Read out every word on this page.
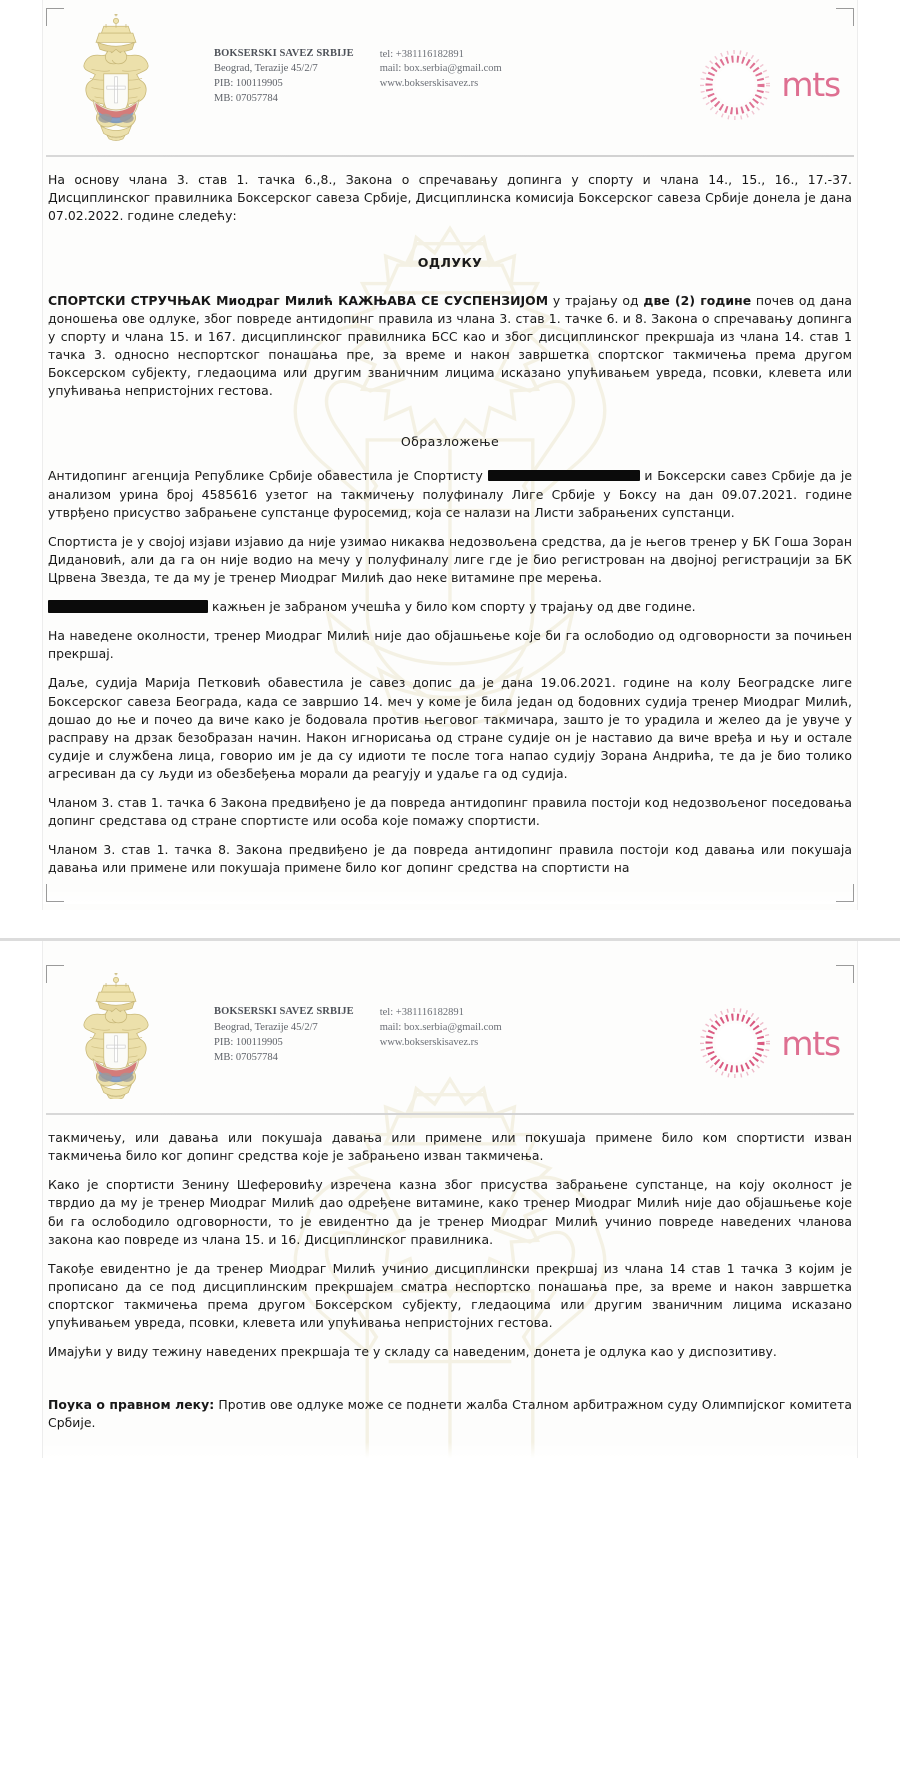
BOKSERSKI SAVEZ SRBIJE
Beograd, Terazije 45/2/7
PIB: 100119905
MB: 07057784
tel: +381116182891
mail: box.serbia@gmail.com
www.bokserskisavez.rs	mts

На основу члана 3. став 1. тачка 6.,8., Закона о спречавању допинга у спорту и члана 14., 15., 16., 17.-37. Дисциплинског правилника Боксерског савеза Србије, Дисциплинска комисија Боксерског савеза Србије донела је дана 07.02.2022. године следећу:

ОДЛУКУ

СПОРТСКИ СТРУЧЊАК Миодраг Милић КАЖЊАВА СЕ СУСПЕНЗИЈОМ у трајању од две (2) године почев од дана доношења ове одлуке, због повреде антидопинг правила из члана 3. став 1. тачке 6. и 8. Закона о спречавању допинга у спорту и члана 15. и 167. дисциплинског правилника БСС као и због дисциплинског прекршаја из члана 14. став 1 тачка 3. односно неспортског понашања пре, за време и након завршетка спортског такмичења према другом Боксерском субјекту, гледаоцима или другим званичним лицима исказано упућивањем увреда, псовки, клевета или упућивања непристојних гестова.

Образложење

Антидопинг агенција Републике Србије обавестила је Спортисту	и Боксерски савез Србије да је анализом урина број 4585616 узетог на такмичењу полуфиналу Лиге Србије у Боксу на дан 09.07.2021. године утврђено присуство забрањене супстанце фуросемид, која се налази на Листи забрањених супстанци.

Спортиста је у својој изјави изјавио да није узимао никаква недозвољена средства, да је његов тренер у БК Гоша Зоран Дидановић, али да га он није водио на мечу у полуфиналу лиге где је био регистрован на двојној регистрацији за БК Црвена Звезда, те да му је тренер Миодраг Милић дао неке витамине пре мерења.

кажњен је забраном учешћа у било ком спорту у трајању од две године.

На наведене околности, тренер Миодраг Милић није дао објашњење које би га ослободио од одговорности за почињен прекршај.

Даље, судија Марија Петковић обавестила је савез допис да је дана 19.06.2021. године на колу Београдске лиге Боксерског савеза Београда, када се завршио 14. меч у коме је била један од бодовних судија тренер Миодраг Милић, дошао до ње и почео да виче како је бодовала против његовог такмичара, зашто је то урадила и желео да је увуче у расправу на дрзак безобразан начин. Након игнорисања од стране судије он је наставио да виче вређа и њу и остале судије и службена лица, говорио им је да су идиоти те после тога напао судију Зорана Андрића, те да је био толико агресиван да су људи из обезбеђења морали да реагују и удаље га од судија.

Чланом 3. став 1. тачка 6 Закона предвиђено је да повреда антидопинг правила постоји код недозвољеног поседовања допинг средстава од стране спортисте или особа које помажу спортисти.

Чланом 3. став 1. тачка 8. Закона предвиђено је да повреда антидопинг правила постоји код давања или покушаја давања или примене или покушаја примене било ког допинг средства на спортисти на

BOKSERSKI SAVEZ SRBIJE
Beograd, Terazije 45/2/7
PIB: 100119905
MB: 07057784
tel: +381116182891
mail: box.serbia@gmail.com
www.bokserskisavez.rs	mts

такмичењу, или давања или покушаја давања или примене или покушаја примене било ком спортисти изван такмичења било ког допинг средства које је забрањено изван такмичења.

Како је спортисти Зенину Шеферовићу изречена казна због присуства забрањене супстанце, на коју околност је тврдио да му је тренер Миодраг Милић дао одређене витамине, како тренер Миодраг Милић није дао објашњење које би га ослободило одговорности, то је евидентно да је тренер Миодраг Милић учинио повреде наведених чланова закона као повреде из члана 15. и 16. Дисциплинског правилника.

Такође евидентно је да тренер Миодраг Милић учинио дисциплински прекршај из члана 14 став 1 тачка 3 којим је прописано да се под дисциплинским прекршајем сматра неспортско понашања пре, за време и након завршетка спортског такмичења према другом Боксерском субјекту, гледаоцима или другим званичним лицима исказано упућивањем увреда, псовки, клевета или упућивања непристојних гестова.

Имајући у виду тежину наведених прекршаја те у складу са наведеним, донета је одлука као у диспозитиву.

Поука о правном леку: Против ове одлуке може се поднети жалба Сталном арбитражном суду Олимпијског комитета Србије.
